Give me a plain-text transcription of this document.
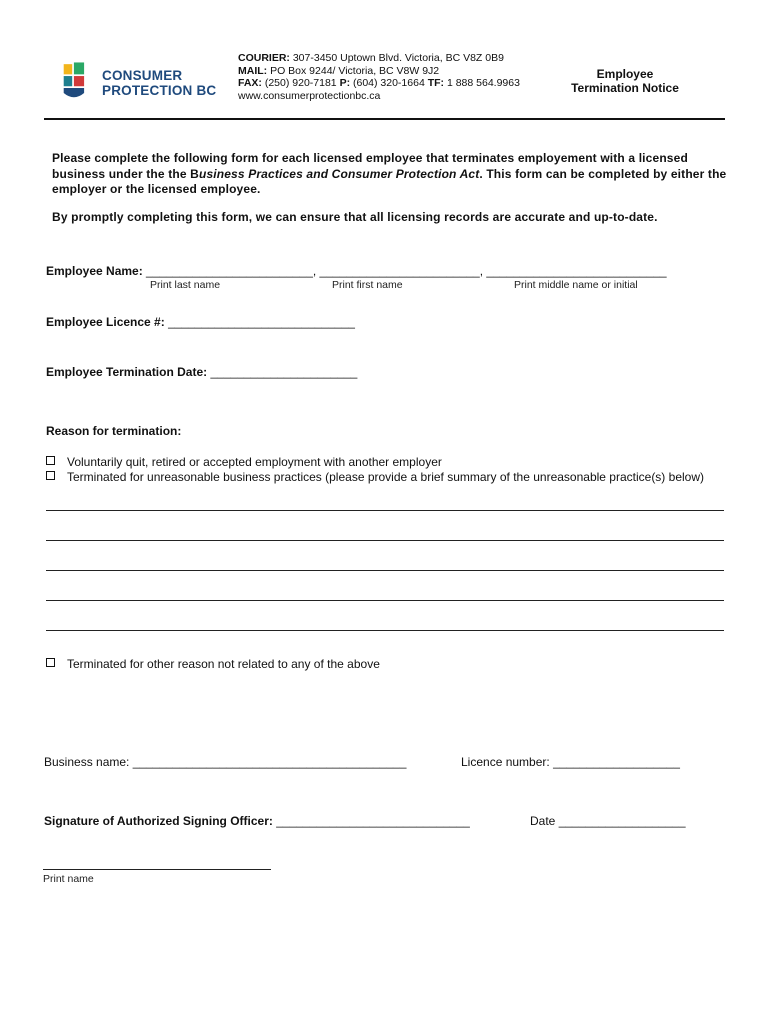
CONSUMER
PROTECTION BC
COURIER: 307-3450 Uptown Blvd. Victoria, BC V8Z 0B9
MAIL: PO Box 9244/ Victoria, BC V8W 9J2
FAX: (250) 920-7181 P: (604) 320-1664 TF: 1 888 564.9963
www.consumerprotectionbc.ca
Employee
Termination Notice
Please complete the following form for each licensed employee that terminates employement with a licensed business under the the Business Practices and Consumer Protection Act. This form can be completed by either the employer or the licensed employee.
By promptly completing this form, we can ensure that all licensing records are accurate and up-to-date.
Employee Name: _________________________, ________________________, ___________________________
Print last name	Print first name	Print middle name or initial
Employee Licence #: ____________________________
Employee Termination Date: ______________________
Reason for termination:
Voluntarily quit, retired or accepted employment with another employer
Terminated for unreasonable business practices (please provide a brief summary of the unreasonable practice(s) below)
Terminated for other reason not related to any of the above
Business name: _________________________________________	Licence number: ___________________
Signature of Authorized Signing Officer: _____________________________	Date ___________________
Print name
